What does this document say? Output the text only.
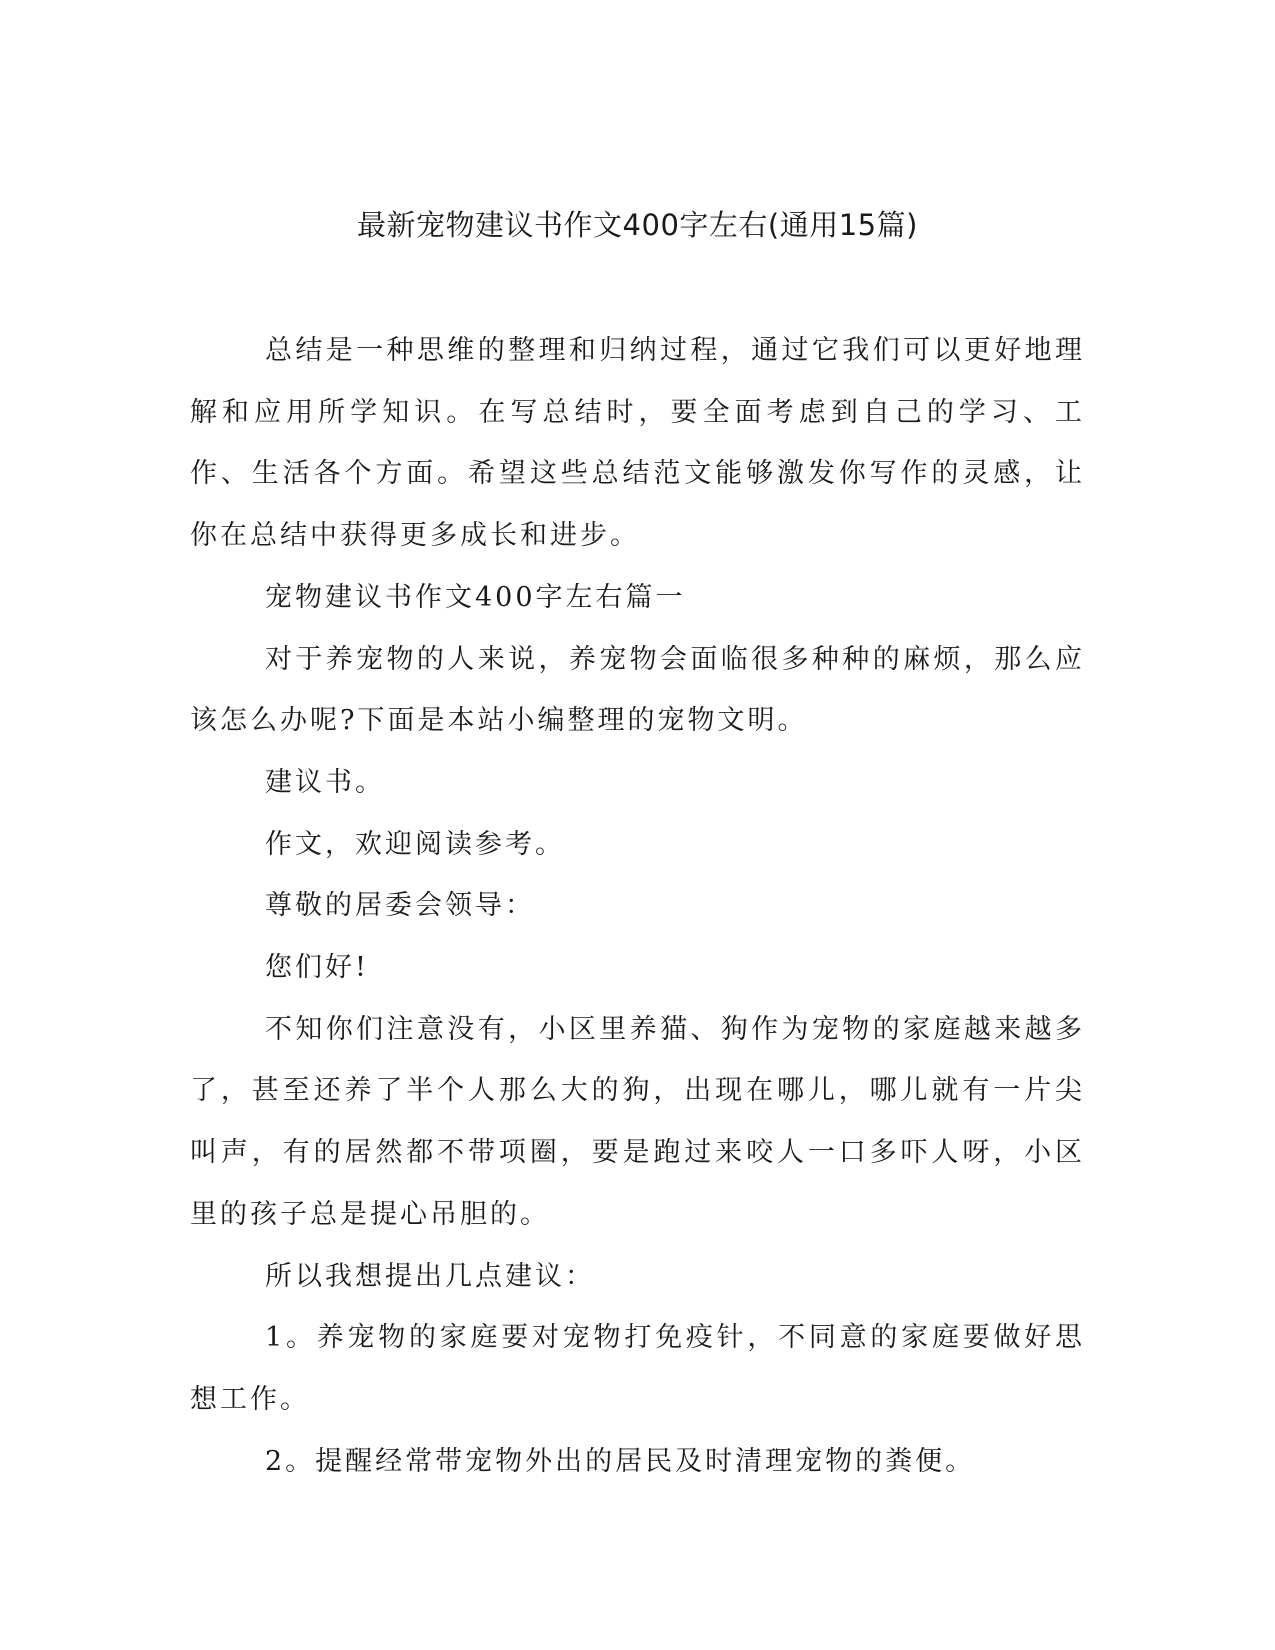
最新宠物建议书作文400字左右(通用15篇)

总结是一种思维的整理和归纳过程，通过它我们可以更好地理解和应用所学知识。在写总结时，要全面考虑到自己的学习、工作、生活各个方面。希望这些总结范文能够激发你写作的灵感，让你在总结中获得更多成长和进步。

宠物建议书作文400字左右篇一

对于养宠物的人来说，养宠物会面临很多种种的麻烦，那么应该怎么办呢?下面是本站小编整理的宠物文明。

建议书。

作文，欢迎阅读参考。

尊敬的居委会领导：

您们好!

不知你们注意没有，小区里养猫、狗作为宠物的家庭越来越多了，甚至还养了半个人那么大的狗，出现在哪儿，哪儿就有一片尖叫声，有的居然都不带项圈，要是跑过来咬人一口多吓人呀，小区里的孩子总是提心吊胆的。

所以我想提出几点建议：

1。养宠物的家庭要对宠物打免疫针，不同意的家庭要做好思想工作。

2。提醒经常带宠物外出的居民及时清理宠物的粪便。
